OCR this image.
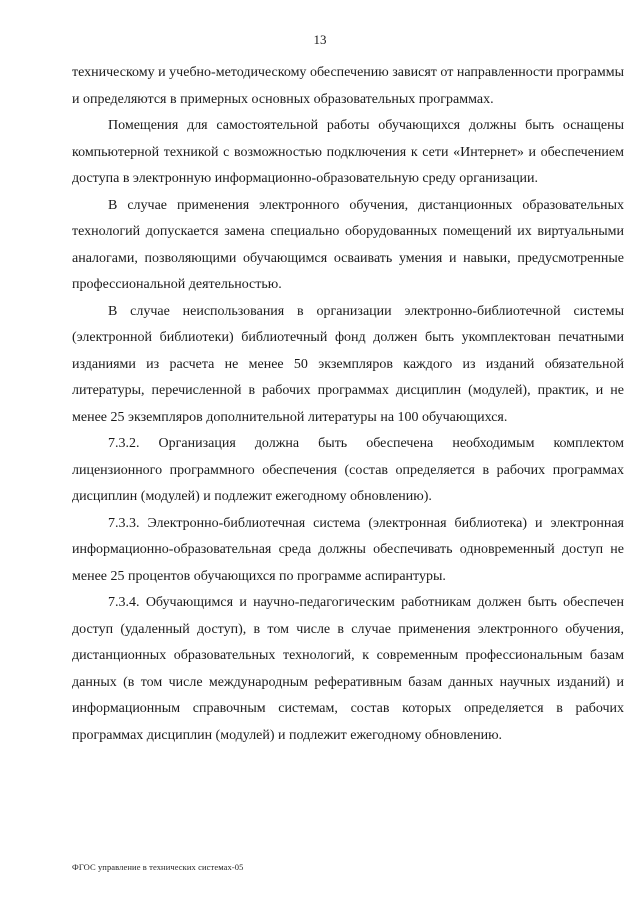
13

техническому и учебно-методическому обеспечению зависят от направленности программы и определяются в примерных основных образовательных программах.

Помещения для самостоятельной работы обучающихся должны быть оснащены компьютерной техникой с возможностью подключения к сети «Интернет» и обеспечением доступа в электронную информационно-образовательную среду организации.

В случае применения электронного обучения, дистанционных образовательных технологий допускается замена специально оборудованных помещений их виртуальными аналогами, позволяющими обучающимся осваивать умения и навыки, предусмотренные профессиональной деятельностью.

В случае неиспользования в организации электронно-библиотечной системы (электронной библиотеки) библиотечный фонд должен быть укомплектован печатными изданиями из расчета не менее 50 экземпляров каждого из изданий обязательной литературы, перечисленной в рабочих программах дисциплин (модулей), практик, и не менее 25 экземпляров дополнительной литературы на 100 обучающихся.

7.3.2. Организация должна быть обеспечена необходимым комплектом лицензионного программного обеспечения (состав определяется в рабочих программах дисциплин (модулей) и подлежит ежегодному обновлению).

7.3.3. Электронно-библиотечная система (электронная библиотека) и электронная информационно-образовательная среда должны обеспечивать одновременный доступ не менее 25 процентов обучающихся по программе аспирантуры.

7.3.4. Обучающимся и научно-педагогическим работникам должен быть обеспечен доступ (удаленный доступ), в том числе в случае применения электронного обучения, дистанционных образовательных технологий, к современным профессиональным базам данных (в том числе международным реферативным базам данных научных изданий) и информационным справочным системам, состав которых определяется в рабочих программах дисциплин (модулей) и подлежит ежегодному обновлению.

ФГОС управление в технических системах-05
